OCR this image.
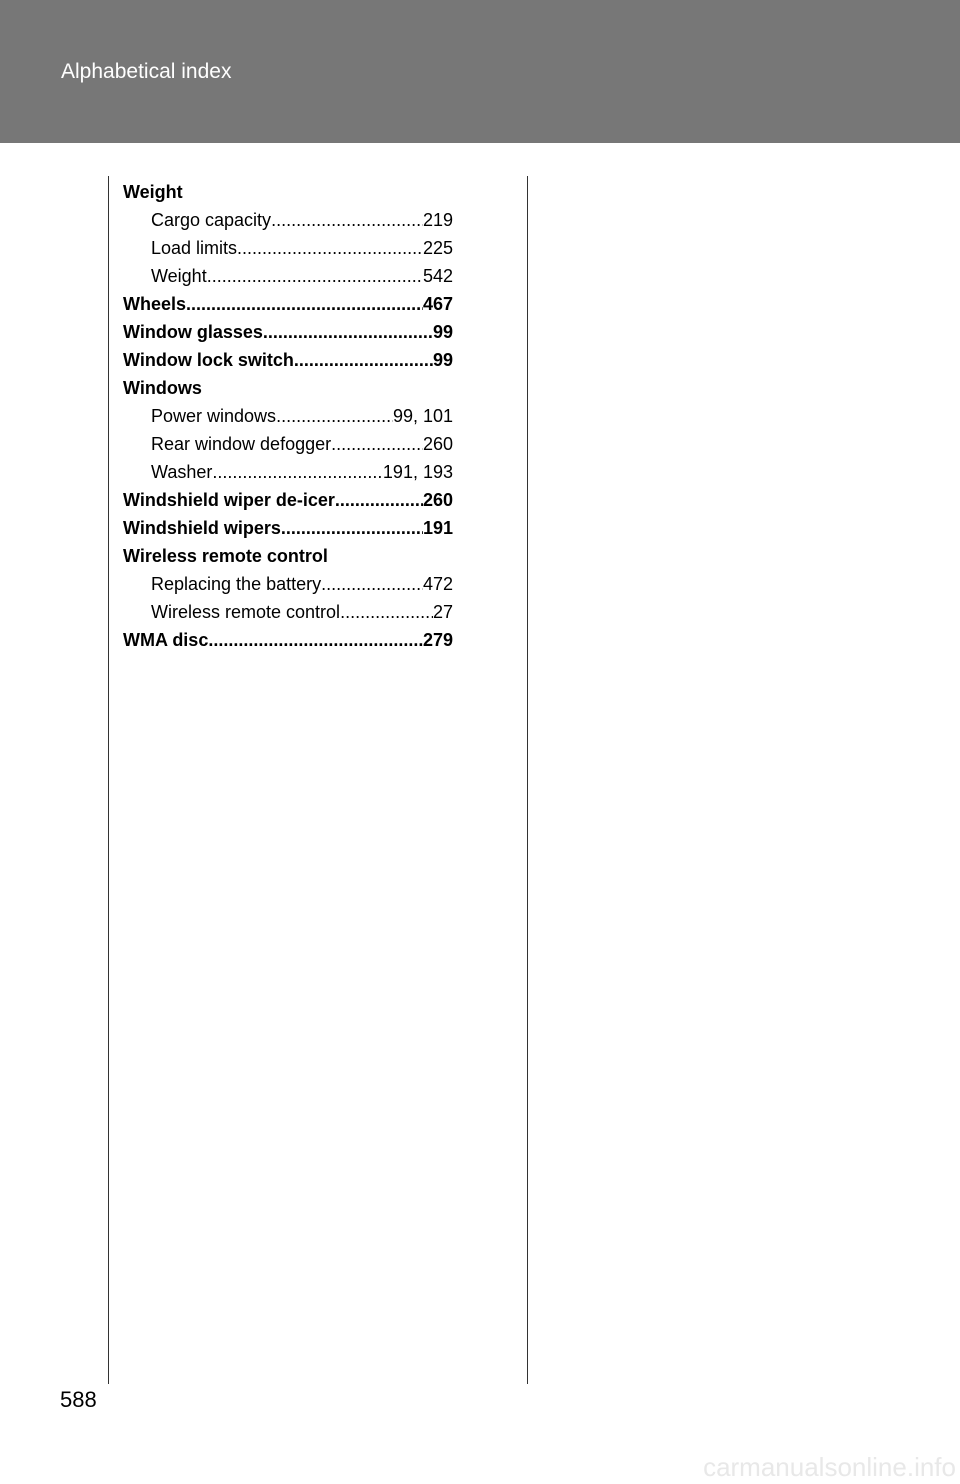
Alphabetical index
Weight
Cargo capacity .....	219
Load limits .....	225
Weight .....	542
Wheels .....	467
Window glasses .....	99
Window lock switch .....	99
Windows
Power windows .....	99, 101
Rear window defogger .....	260
Washer .....	191, 193
Windshield wiper de-icer .....	260
Windshield wipers .....	191
Wireless remote control
Replacing the battery .....	472
Wireless remote control .....	27
WMA disc .....	279
588
carmanualsonline.info
